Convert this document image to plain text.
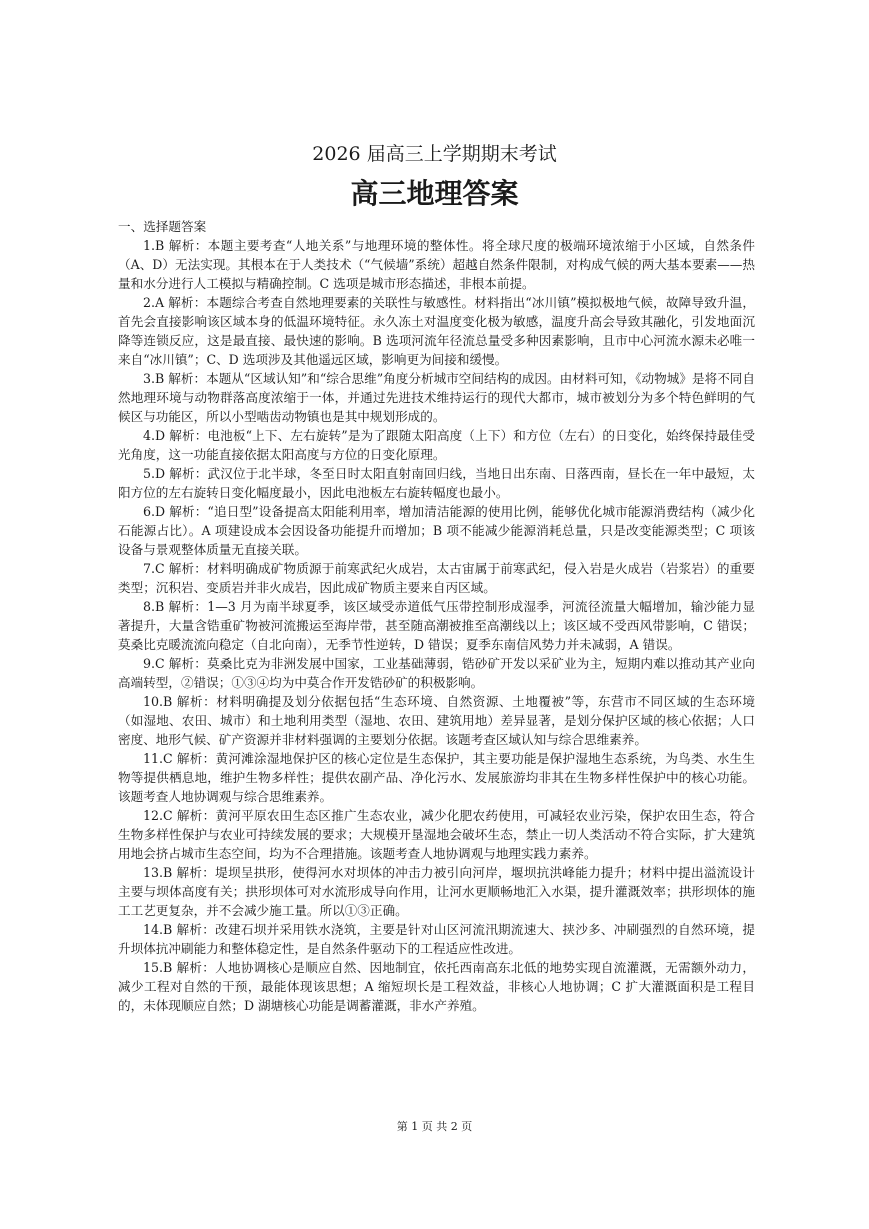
2026 届高三上学期期末考试
高三地理答案
一、选择题答案

1.B 解析：本题主要考查“人地关系”与地理环境的整体性。将全球尺度的极端环境浓缩于小区域，自然条件（A、D）无法实现。其根本在于人类技术（“气候墙”系统）超越自然条件限制，对构成气候的两大基本要素——热量和水分进行人工模拟与精确控制。C 选项是城市形态描述，非根本前提。

2.A 解析：本题综合考查自然地理要素的关联性与敏感性。材料指出“冰川镇”模拟极地气候，故障导致升温，首先会直接影响该区域本身的低温环境特征。永久冻土对温度变化极为敏感，温度升高会导致其融化，引发地面沉降等连锁反应，这是最直接、最快速的影响。B 选项河流年径流总量受多种因素影响，且市中心河流水源未必唯一来自“冰川镇”；C、D 选项涉及其他遥远区域，影响更为间接和缓慢。

3.B 解析：本题从“区域认知”和“综合思维”角度分析城市空间结构的成因。由材料可知，《动物城》是将不同自然地理环境与动物群落高度浓缩于一体，并通过先进技术维持运行的现代大都市，城市被划分为多个特色鲜明的气候区与功能区，所以小型啮齿动物镇也是其中规划形成的。

4.D 解析：电池板“上下、左右旋转”是为了跟随太阳高度（上下）和方位（左右）的日变化，始终保持最佳受光角度，这一功能直接依据太阳高度与方位的日变化原理。

5.D 解析：武汉位于北半球，冬至日时太阳直射南回归线，当地日出东南、日落西南，昼长在一年中最短，太阳方位的左右旋转日变化幅度最小，因此电池板左右旋转幅度也最小。

6.D 解析：“追日型”设备提高太阳能利用率，增加清洁能源的使用比例，能够优化城市能源消费结构（减少化石能源占比）。A 项建设成本会因设备功能提升而增加；B 项不能减少能源消耗总量，只是改变能源类型；C 项该设备与景观整体质量无直接关联。

7.C 解析：材料明确成矿物质源于前寒武纪火成岩，太古宙属于前寒武纪，侵入岩是火成岩（岩浆岩）的重要类型；沉积岩、变质岩并非火成岩，因此成矿物质主要来自丙区域。

8.B 解析：1—3 月为南半球夏季，该区域受赤道低气压带控制形成湿季，河流径流量大幅增加，输沙能力显著提升，大量含锆重矿物被河流搬运至海岸带，甚至随高潮被推至高潮线以上；该区域不受西风带影响，C 错误；莫桑比克暖流流向稳定（自北向南），无季节性逆转，D 错误；夏季东南信风势力并未减弱，A 错误。

9.C 解析：莫桑比克为非洲发展中国家，工业基础薄弱，锆砂矿开发以采矿业为主，短期内难以推动其产业向高端转型，②错误；①③④均为中莫合作开发锆砂矿的积极影响。

10.B 解析：材料明确提及划分依据包括“生态环境、自然资源、土地覆被”等，东营市不同区域的生态环境（如湿地、农田、城市）和土地利用类型（湿地、农田、建筑用地）差异显著，是划分保护区域的核心依据；人口密度、地形气候、矿产资源并非材料强调的主要划分依据。该题考查区域认知与综合思维素养。

11.C 解析：黄河滩涂湿地保护区的核心定位是生态保护，其主要功能是保护湿地生态系统，为鸟类、水生生物等提供栖息地，维护生物多样性；提供农副产品、净化污水、发展旅游均非其在生物多样性保护中的核心功能。该题考查人地协调观与综合思维素养。

12.C 解析：黄河平原农田生态区推广生态农业，减少化肥农药使用，可减轻农业污染，保护农田生态，符合生物多样性保护与农业可持续发展的要求；大规模开垦湿地会破坏生态，禁止一切人类活动不符合实际，扩大建筑用地会挤占城市生态空间，均为不合理措施。该题考查人地协调观与地理实践力素养。

13.B 解析：堤坝呈拱形，使得河水对坝体的冲击力被引向河岸，堰坝抗洪峰能力提升；材料中提出溢流设计主要与坝体高度有关；拱形坝体可对水流形成导向作用，让河水更顺畅地汇入水渠，提升灌溉效率；拱形坝体的施工工艺更复杂，并不会减少施工量。所以①③正确。

14.B 解析：改建石坝并采用铁水浇筑，主要是针对山区河流汛期流速大、挟沙多、冲刷强烈的自然环境，提升坝体抗冲刷能力和整体稳定性，是自然条件驱动下的工程适应性改进。

15.B 解析：人地协调核心是顺应自然、因地制宜，依托西南高东北低的地势实现自流灌溉，无需额外动力，减少工程对自然的干预，最能体现该思想；A 缩短坝长是工程效益，非核心人地协调；C 扩大灌溉面积是工程目的，未体现顺应自然；D 湖塘核心功能是调蓄灌溉，非水产养殖。

第 1 页 共 2 页
